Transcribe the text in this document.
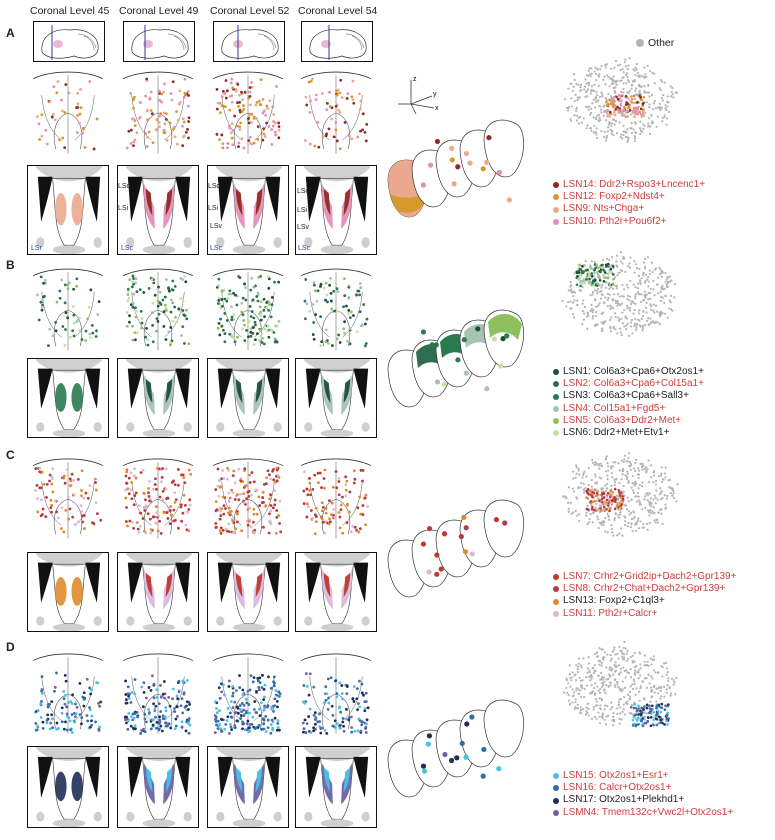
Coronal Level 45 Coronal Level 49 Coronal Level 52 Coronal Level 54
Other
z
y
x
A
B
C
D
LSN14: Ddr2+Rspo3+Lncenc1+
LSN12: Foxp2+Ndst4+
LSN9: Nts+Chga+
LSN10: Pth2r+Pou6f2+
LSN1: Col6a3+Cpa6+Otx2os1+
LSN2: Col6a3+Cpa6+Col15a1+
LSN3: Col6a3+Cpa6+Sall3+
LSN4: Col15a1+Fgd5+
LSN5: Col6a3+Ddr2+Met+
LSN6: Ddr2+Met+Etv1+
LSN7: Crhr2+Grid2ip+Dach2+Gpr139+
LSN8: Crhr2+Chat+Dach2+Gpr139+
LSN13: Foxp2+C1ql3+
LSN11: Pth2r+Calcr+
LSN15: Otx2os1+Esr1+
LSN16: Calcr+Otx2os1+
LSN17: Otx2os1+Plekhd1+
LSMN4: Tmem132c+Vwc2l+Otx2os1+
LSd
LSi
LSd
LSi
LSv
LSd
LSi
LSv
LSr	LSc	LSc	LSc
